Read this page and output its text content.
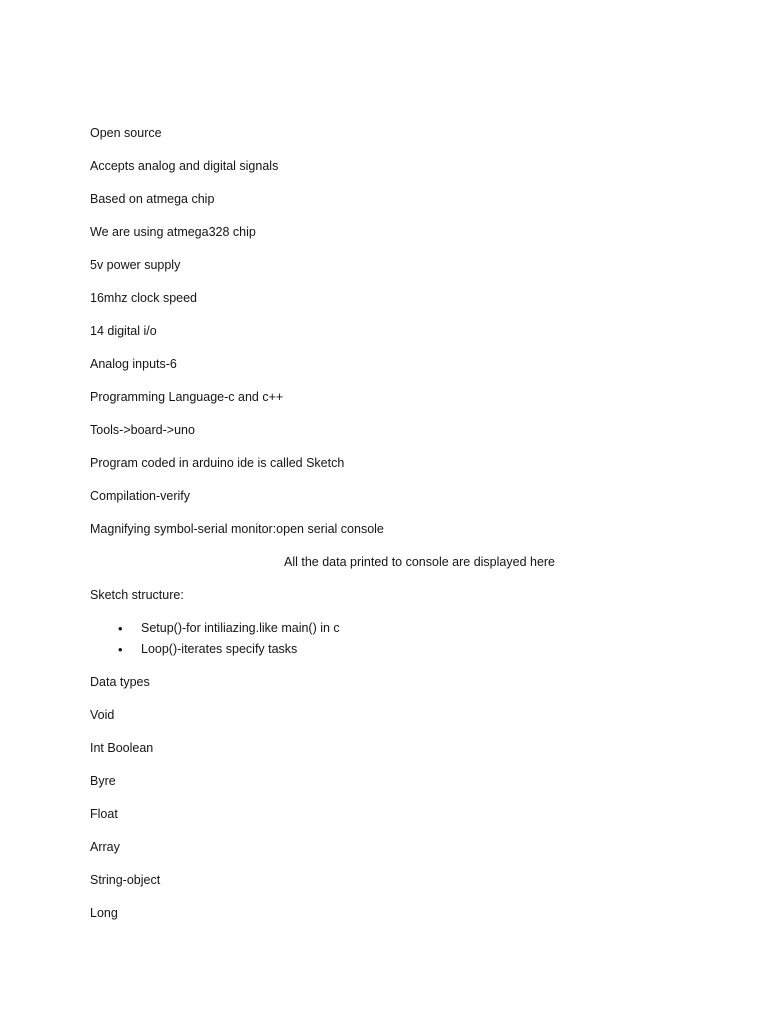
Open source

Accepts analog and digital signals

Based on atmega chip

We are using atmega328 chip

5v power supply

16mhz clock speed

14 digital i/o

Analog inputs-6

Programming Language-c and c++

Tools->board->uno

Program coded in arduino ide is called Sketch

Compilation-verify

Magnifying symbol-serial monitor:open serial console

All the data printed to console are displayed here

Sketch structure:

• Setup()-for intiliazing.like main() in c
• Loop()-iterates specify tasks

Data types

Void

Int Boolean

Byre

Float

Array

String-object

Long
